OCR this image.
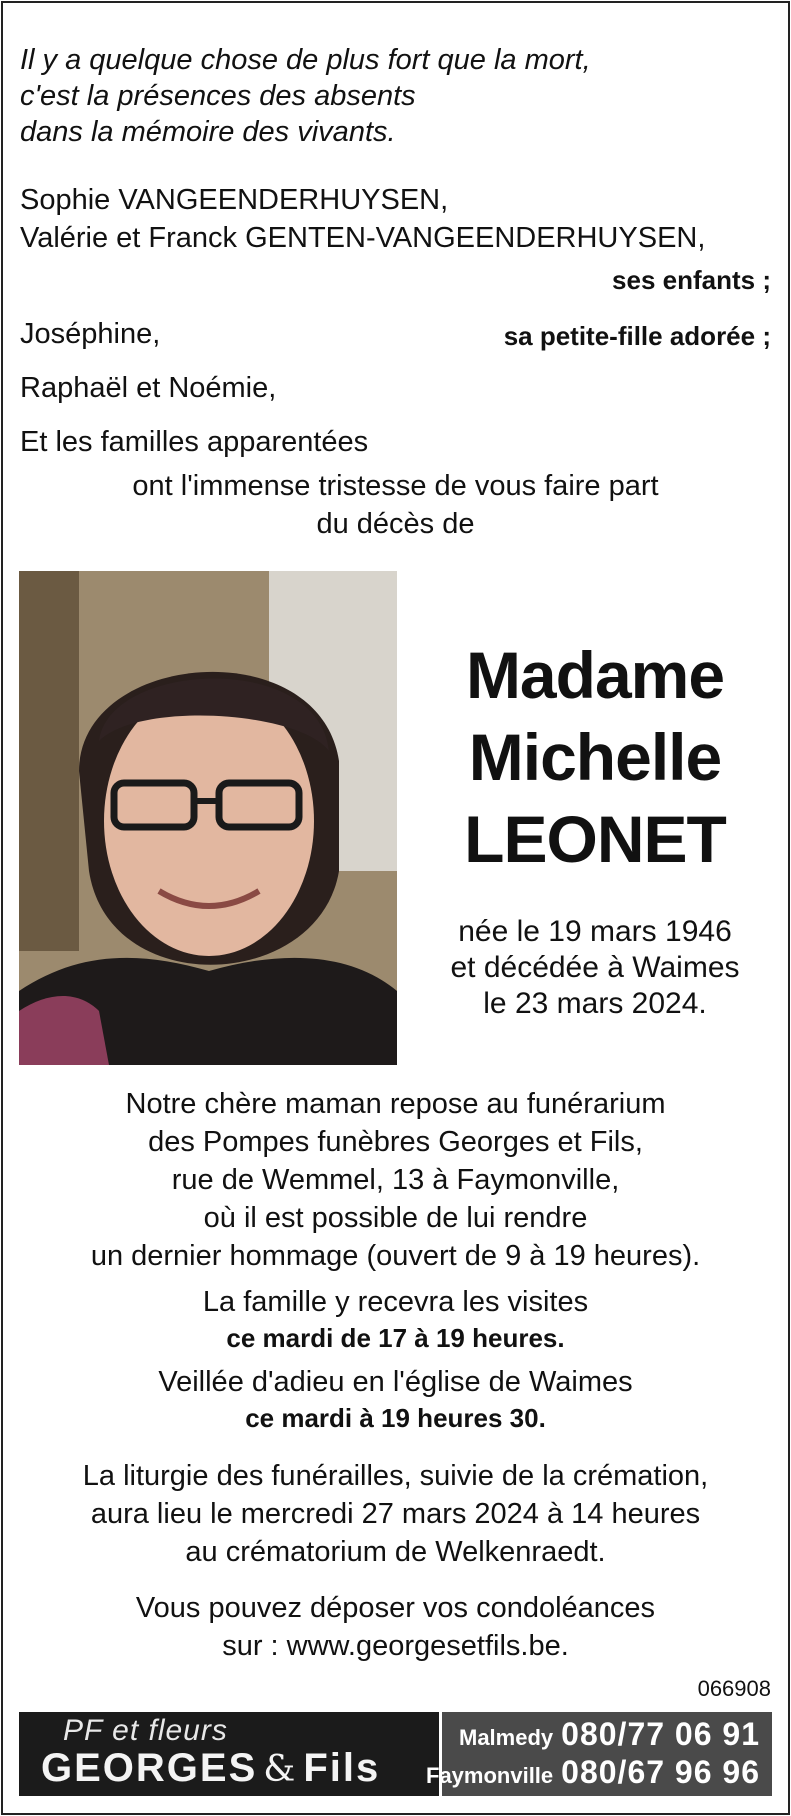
Il y a quelque chose de plus fort que la mort,
c'est la présences des absents
dans la mémoire des vivants.
Sophie VANGEENDERHUYSEN,
Valérie et Franck GENTEN-VANGEENDERHUYSEN,
ses enfants ;
Joséphine,	sa petite-fille adorée ;
Raphaël et Noémie,
Et les familles apparentées
ont l'immense tristesse de vous faire part
du décès de
Madame
Michelle
LEONET
née le 19 mars 1946
et décédée à Waimes
le 23 mars 2024.
Notre chère maman repose au funérarium
des Pompes funèbres Georges et Fils,
rue de Wemmel, 13 à Faymonville,
où il est possible de lui rendre
un dernier hommage (ouvert de 9 à 19 heures).
La famille y recevra les visites
ce mardi de 17 à 19 heures.
Veillée d'adieu en l'église de Waimes
ce mardi à 19 heures 30.
La liturgie des funérailles, suivie de la crémation,
aura lieu le mercredi 27 mars 2024 à 14 heures
au crématorium de Welkenraedt.
Vous pouvez déposer vos condoléances
sur : www.georgesetfils.be.
066908
PF et fleurs
GEORGES & Fils
Malmedy 080/77 06 91
Faymonville 080/67 96 96
